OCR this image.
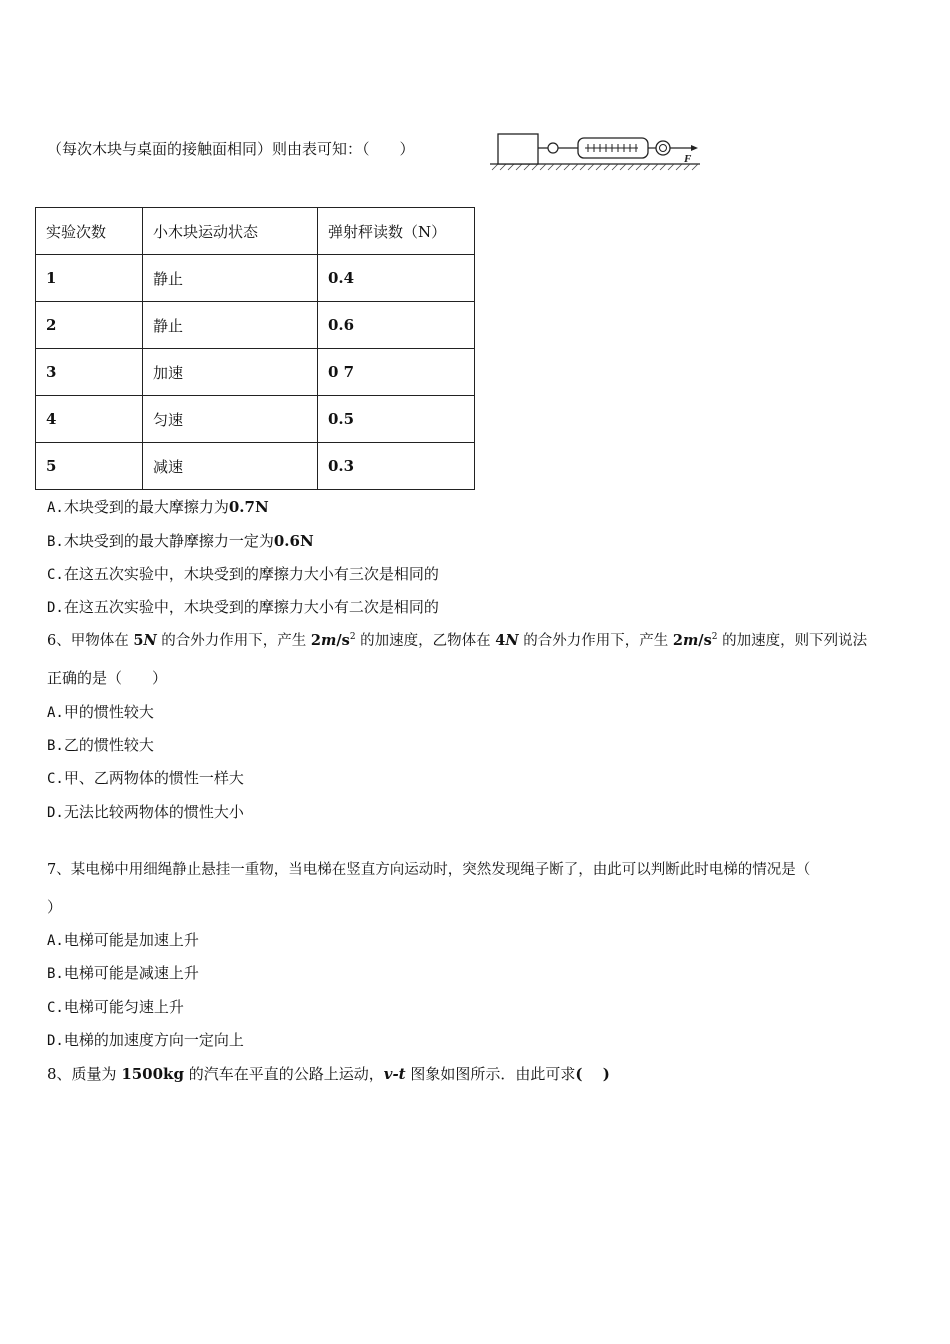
（每次木块与桌面的接触面相同）则由表可知：（　　）
F
实验次数	小木块运动状态	弹射秤读数（N）
1	静止	0.4
2	静止	0.6
3	加速	0 7
4	匀速	0.5
5	减速	0.3
A.木块受到的最大摩擦力为0.7N
B.木块受到的最大静摩擦力一定为0.6N
C.在这五次实验中，木块受到的摩擦力大小有三次是相同的
D.在这五次实验中，木块受到的摩擦力大小有二次是相同的
6、甲物体在 5N 的合外力作用下，产生 $2m/s^2$ 的加速度，乙物体在 4N 的合外力作用下，产生 $2m/s^2$ 的加速度，则下列说法
正确的是（　　）
A.甲的惯性较大
B.乙的惯性较大
C.甲、乙两物体的惯性一样大
D.无法比较两物体的惯性大小
7、某电梯中用细绳静止悬挂一重物，当电梯在竖直方向运动时，突然发现绳子断了，由此可以判断此时电梯的情况是（
）
A.电梯可能是加速上升
B.电梯可能是减速上升
C.电梯可能匀速上升
D.电梯的加速度方向一定向上
8、质量为 1500kg 的汽车在平直的公路上运动，v-t 图象如图所示．由此可求(　 )
